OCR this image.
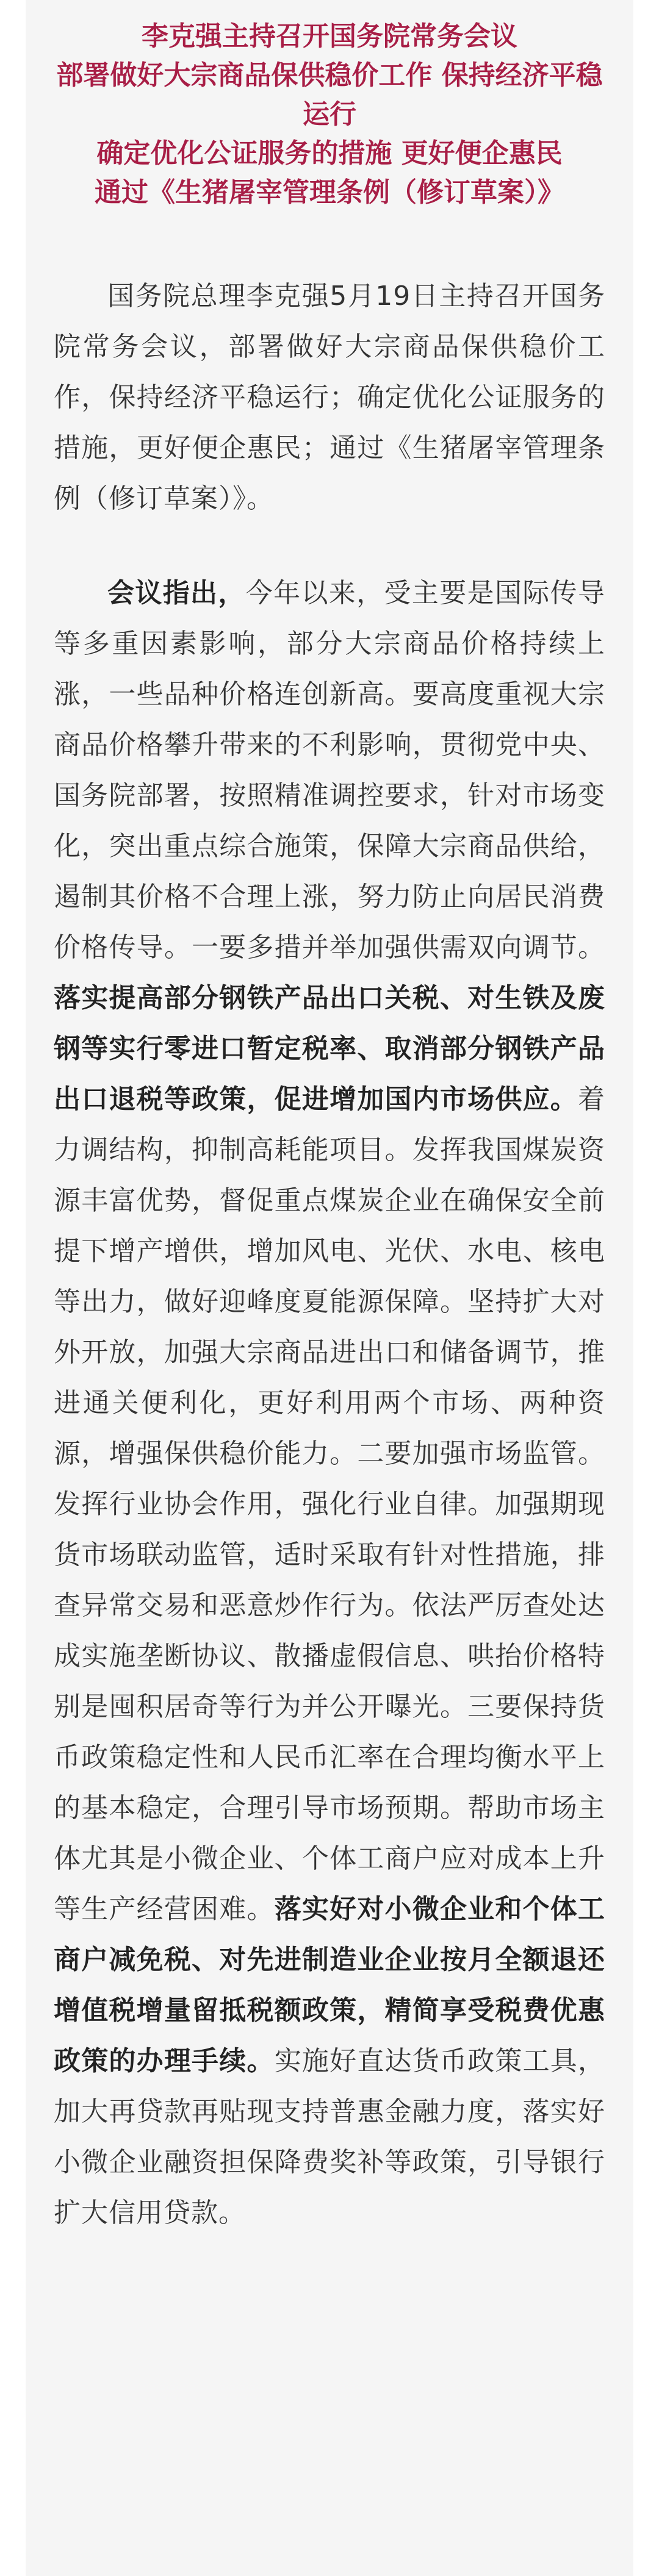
李克强主持召开国务院常务会议

部署做好大宗商品保供稳价工作 保持经济平稳运行

确定优化公证服务的措施 更好便企惠民

通过《生猪屠宰管理条例（修订草案）》

国务院总理李克强5月19日主持召开国务院常务会议，部署做好大宗商品保供稳价工作，保持经济平稳运行；确定优化公证服务的措施，更好便企惠民；通过《生猪屠宰管理条例（修订草案）》。

会议指出，今年以来，受主要是国际传导等多重因素影响，部分大宗商品价格持续上涨，一些品种价格连创新高。要高度重视大宗商品价格攀升带来的不利影响，贯彻党中央、国务院部署，按照精准调控要求，针对市场变化，突出重点综合施策，保障大宗商品供给，遏制其价格不合理上涨，努力防止向居民消费价格传导。一要多措并举加强供需双向调节。落实提高部分钢铁产品出口关税、对生铁及废钢等实行零进口暂定税率、取消部分钢铁产品出口退税等政策，促进增加国内市场供应。着力调结构，抑制高耗能项目。发挥我国煤炭资源丰富优势，督促重点煤炭企业在确保安全前提下增产增供，增加风电、光伏、水电、核电等出力，做好迎峰度夏能源保障。坚持扩大对外开放，加强大宗商品进出口和储备调节，推进通关便利化，更好利用两个市场、两种资源，增强保供稳价能力。二要加强市场监管。发挥行业协会作用，强化行业自律。加强期现货市场联动监管，适时采取有针对性措施，排查异常交易和恶意炒作行为。依法严厉查处达成实施垄断协议、散播虚假信息、哄抬价格特别是囤积居奇等行为并公开曝光。三要保持货币政策稳定性和人民币汇率在合理均衡水平上的基本稳定，合理引导市场预期。帮助市场主体尤其是小微企业、个体工商户应对成本上升等生产经营困难。落实好对小微企业和个体工商户减免税、对先进制造业企业按月全额退还增值税增量留抵税额政策，精简享受税费优惠政策的办理手续。实施好直达货币政策工具，加大再贷款再贴现支持普惠金融力度，落实好小微企业融资担保降费奖补等政策，引导银行扩大信用贷款。
